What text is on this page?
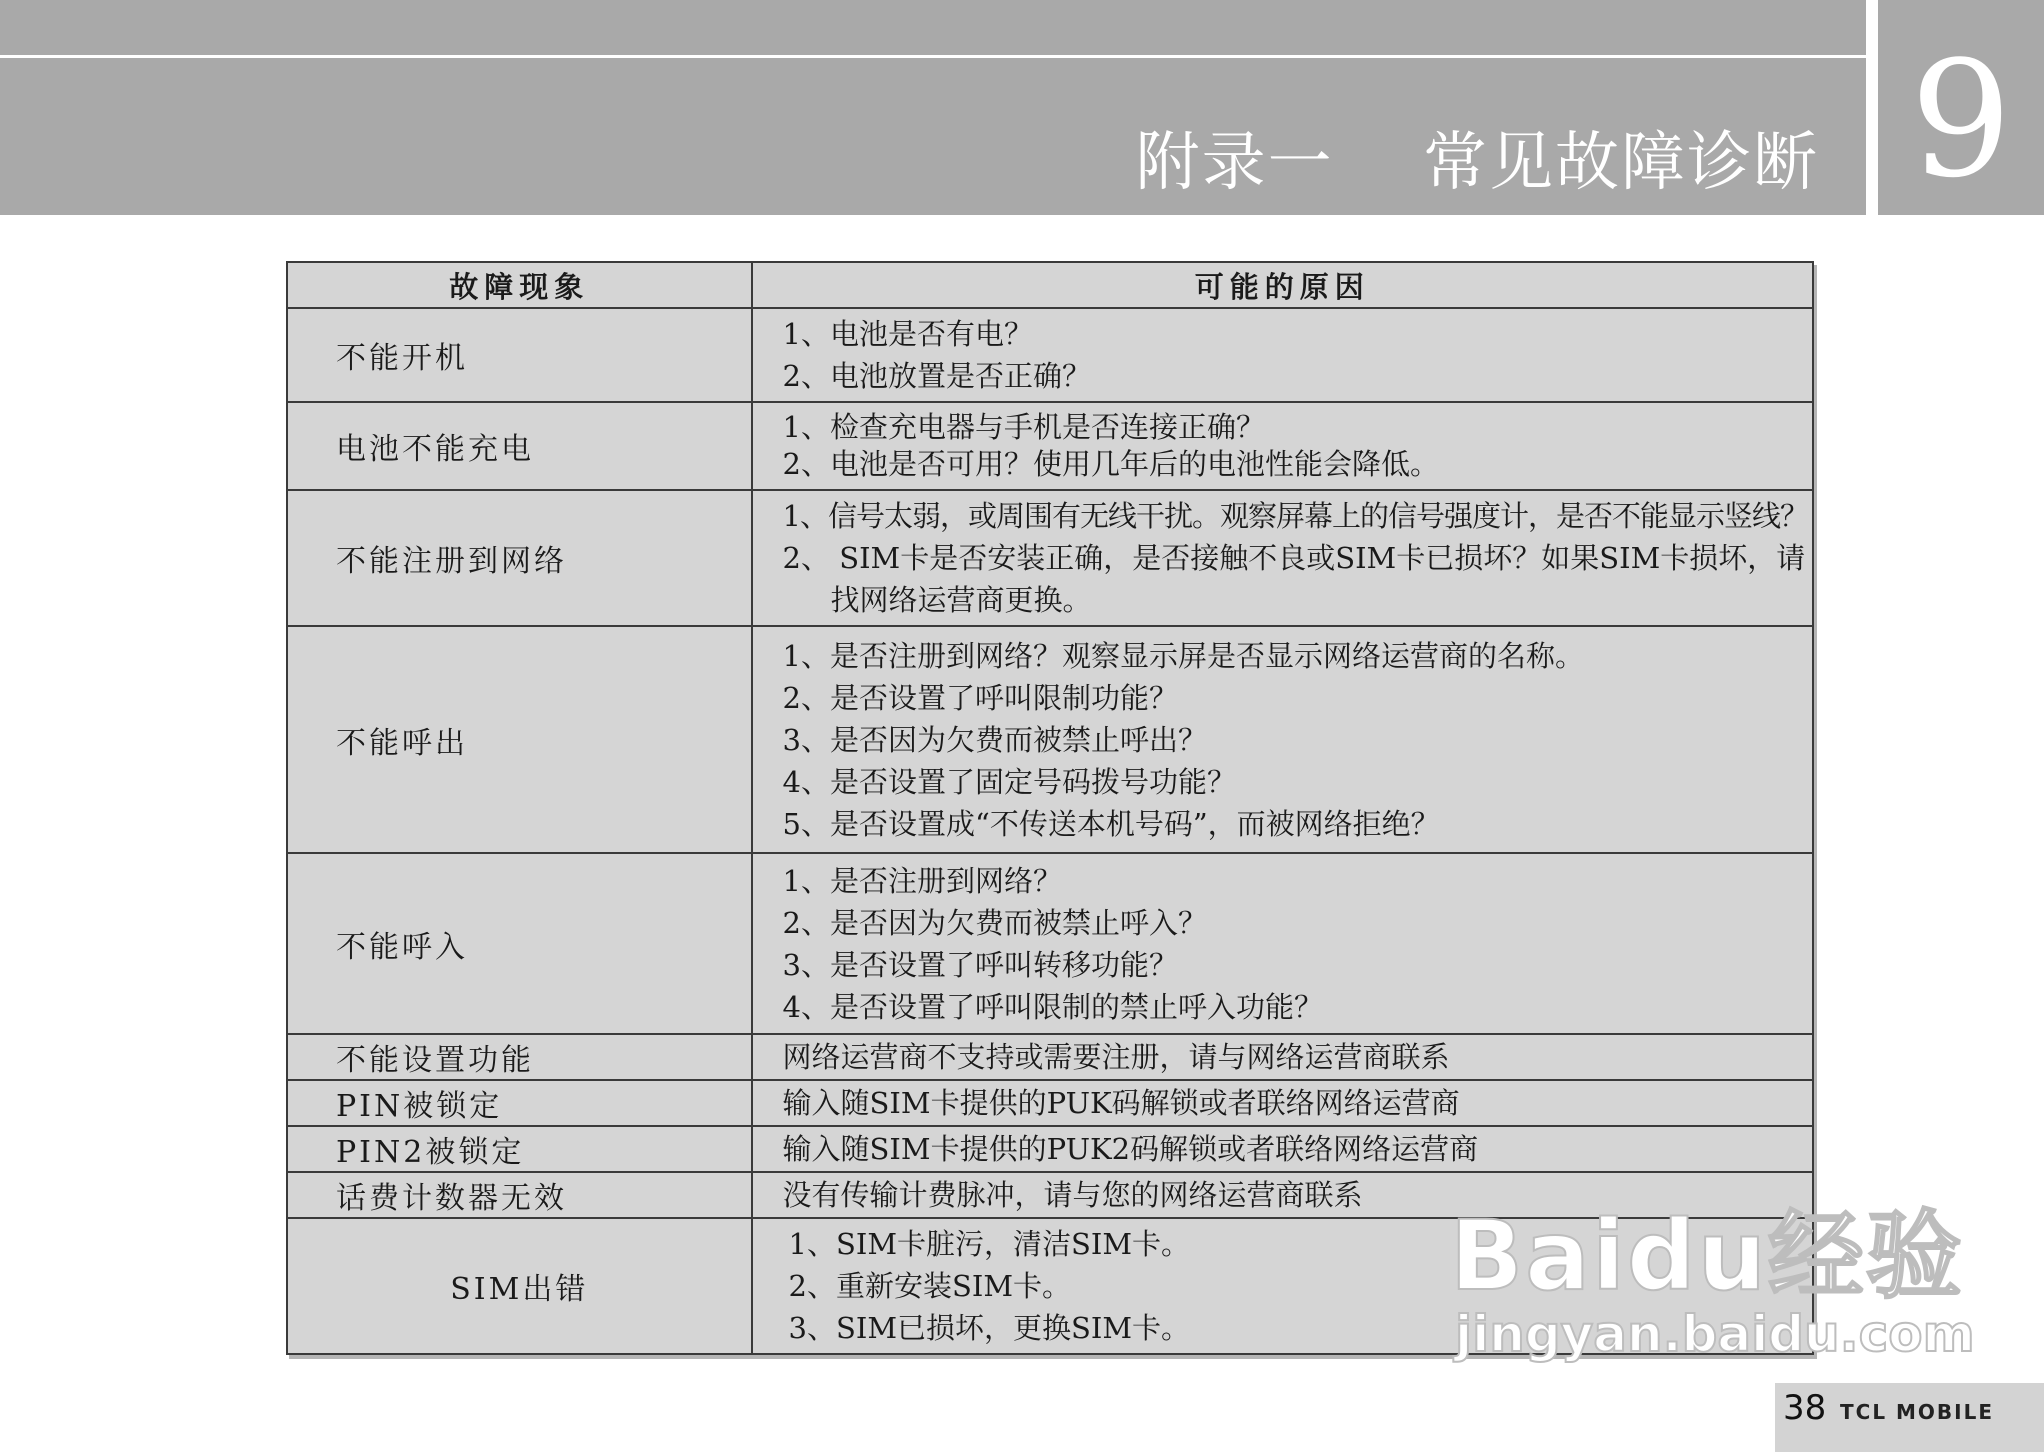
附录一    常见故障诊断 9
故障现象	可能的原因
不能开机	1、电池是否有电？
2、电池放置是否正确？

电池不能充电	1、检查充电器与手机是否连接正确？
2、电池是否可用？使用几年后的电池性能会降低。

不能注册到网络	1、信号太弱，或周围有无线干扰。观察屏幕上的信号强度计，是否不能显示竖线？
2、 SIM卡是否安装正确，是否接触不良或SIM卡已损坏？如果SIM卡损坏，请找网络运营商更换。

不能呼出	1、是否注册到网络？观察显示屏是否显示网络运营商的名称。
2、是否设置了呼叫限制功能？
3、是否因为欠费而被禁止呼出？
4、是否设置了固定号码拨号功能？
5、是否设置成“不传送本机号码”，而被网络拒绝？

不能呼入	1、是否注册到网络？
2、是否因为欠费而被禁止呼入？
3、是否设置了呼叫转移功能？
4、是否设置了呼叫限制的禁止呼入功能？

不能设置功能	网络运营商不支持或需要注册，请与网络运营商联系

PIN被锁定	输入随SIM卡提供的PUK码解锁或者联络网络运营商

PIN2被锁定	输入随SIM卡提供的PUK2码解锁或者联络网络运营商

话费计数器无效	没有传输计费脉冲，请与您的网络运营商联系

SIM出错	1、SIM卡脏污，清洁SIM卡。
2、重新安装SIM卡。
3、SIM已损坏，更换SIM卡。
Baidu经验
jingyan.baidu.com
38 TCL MOBILE
